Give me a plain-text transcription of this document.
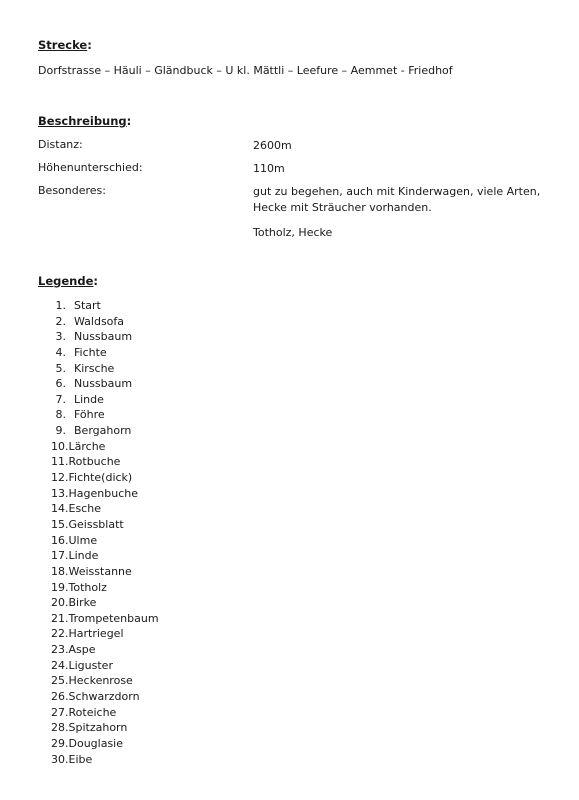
Strecke:
Dorfstrasse – Häuli – Gländbuck – U kl. Mättli – Leefure – Aemmet - Friedhof
Beschreibung:
Distanz:	2600m
Höhenunterschied:	110m
Besonderes:	gut zu begehen, auch mit Kinderwagen, viele Arten, Hecke mit Sträucher vorhanden.
Totholz, Hecke
Legende:
1. Start
2. Waldsofa
3. Nussbaum
4. Fichte
5. Kirsche
6. Nussbaum
7. Linde
8. Föhre
9. Bergahorn
10.Lärche
11.Rotbuche
12.Fichte(dick)
13.Hagenbuche
14.Esche
15.Geissblatt
16.Ulme
17.Linde
18.Weisstanne
19.Totholz
20.Birke
21.Trompetenbaum
22.Hartriegel
23.Aspe
24.Liguster
25.Heckenrose
26.Schwarzdorn
27.Roteiche
28.Spitzahorn
29.Douglasie
30.Eibe
